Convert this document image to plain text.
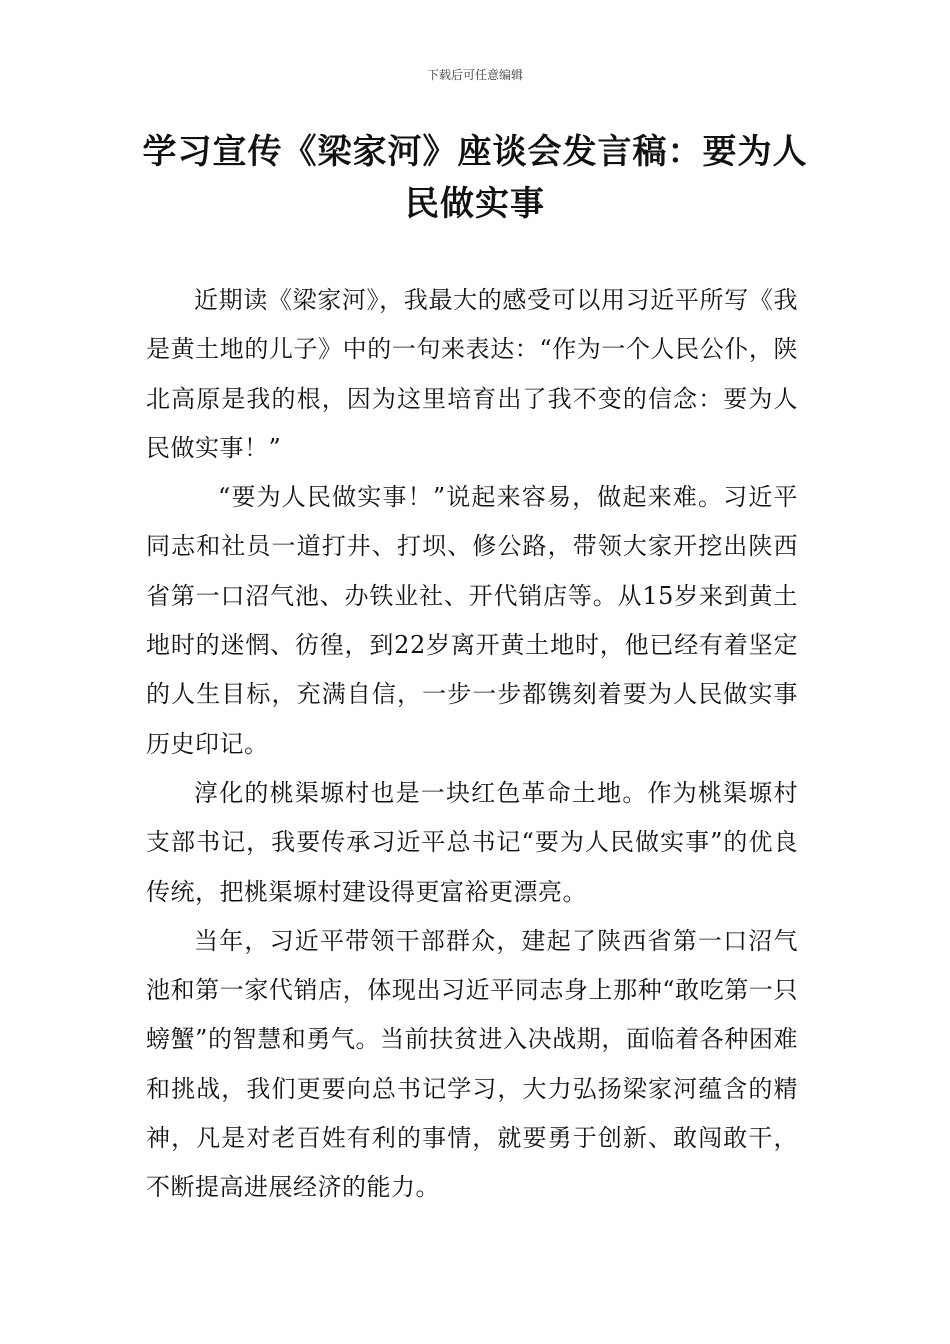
下载后可任意编辑
学习宣传《梁家河》座谈会发言稿：要为人民做实事

近期读《梁家河》，我最大的感受可以用习近平所写《我是黄土地的儿子》中的一句来表达：“作为一个人民公仆，陕北高原是我的根，因为这里培育出了我不变的信念：要为人民做实事！”

“要为人民做实事！”说起来容易，做起来难。习近平同志和社员一道打井、打坝、修公路，带领大家开挖出陕西省第一口沼气池、办铁业社、开代销店等。从15岁来到黄土地时的迷惘、彷徨，到22岁离开黄土地时，他已经有着坚定的人生目标，充满自信，一步一步都镌刻着要为人民做实事历史印记。

淳化的桃渠塬村也是一块红色革命土地。作为桃渠塬村支部书记，我要传承习近平总书记“要为人民做实事”的优良传统，把桃渠塬村建设得更富裕更漂亮。

当年，习近平带领干部群众，建起了陕西省第一口沼气池和第一家代销店，体现出习近平同志身上那种“敢吃第一只螃蟹”的智慧和勇气。当前扶贫进入决战期，面临着各种困难和挑战，我们更要向总书记学习，大力弘扬梁家河蕴含的精神，凡是对老百姓有利的事情，就要勇于创新、敢闯敢干，不断提高进展经济的能力。
